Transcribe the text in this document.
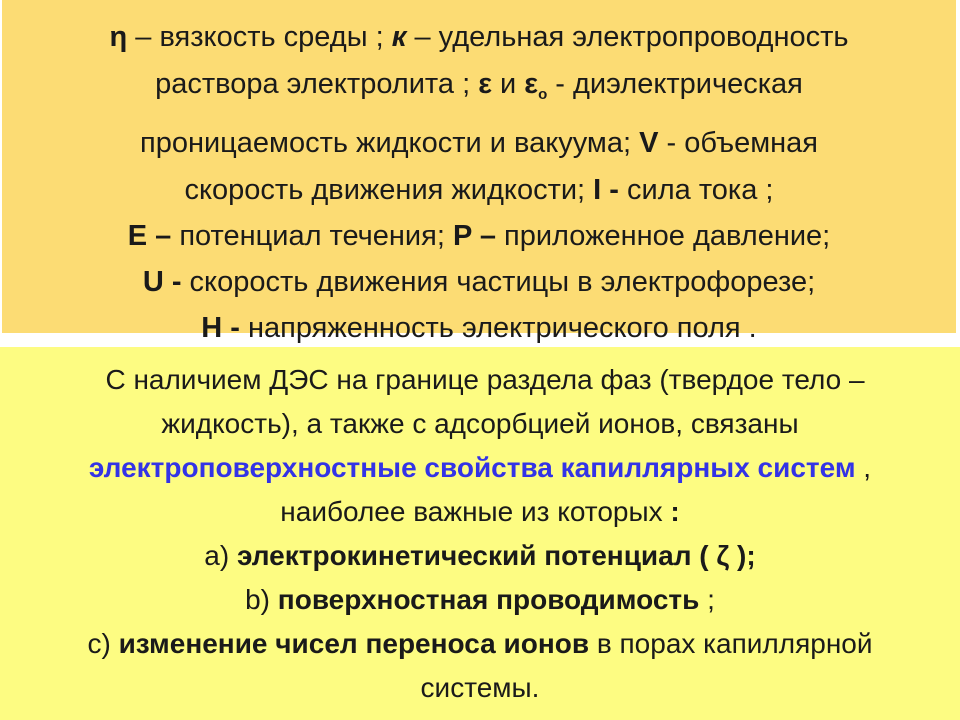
η – вязкость среды ; к – удельная электропроводность
раствора электролита ; ε и $\varepsilon_о$ - диэлектрическая
проницаемость жидкости и вакуума; V - объемная
скорость движения жидкости; I - сила тока ;
E – потенциал течения; P – приложенное давление;
U - скорость движения частицы в электрофорезе;
H - напряженность электрического поля .
С наличием ДЭС на границе раздела фаз (твердое тело –
жидкость), а также с адсорбцией ионов, связаны
электроповерхностные свойства капиллярных систем ,
наиболее важные из которых :
а) электрокинетический потенциал ( ζ );
b) поверхностная проводимость ;
c) изменение чисел переноса ионов в порах капиллярной
системы.
